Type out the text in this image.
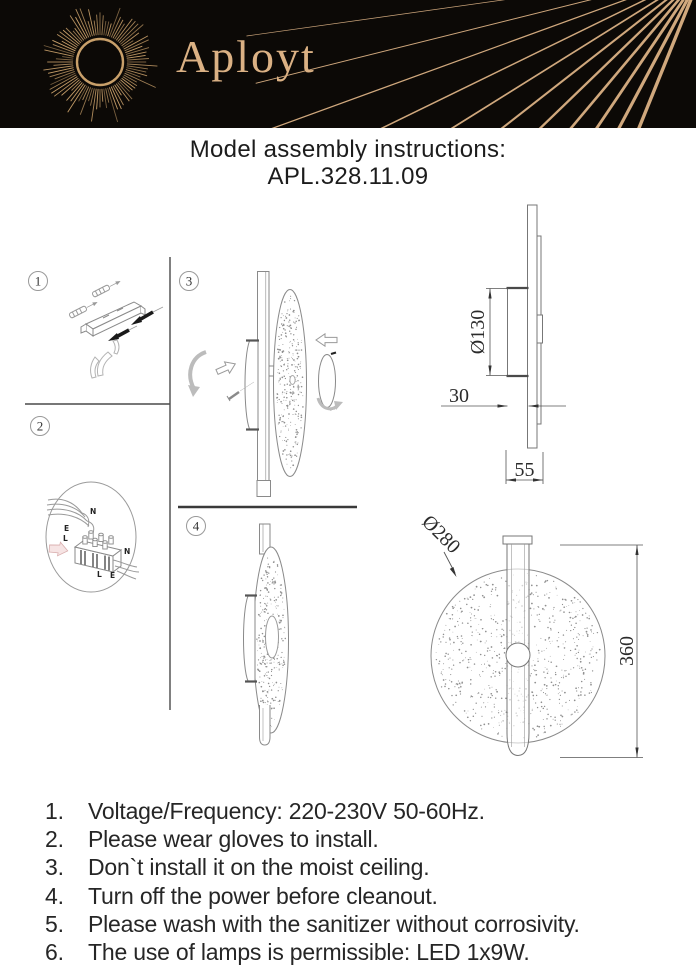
Aployt
Model assembly instructions:
APL.328.11.09
1
2
3
4
N
E
L
N
L E
Ø130
30
55
Ø280
360
1.	Voltage/Frequency: 220-230V 50-60Hz.
2.	Please wear gloves to install.
3.	Don`t install it on the moist ceiling.
4.	Turn off the power before cleanout.
5.	Please wash with the sanitizer without corrosivity.
6.	The use of lamps is permissible: LED 1x9W.
